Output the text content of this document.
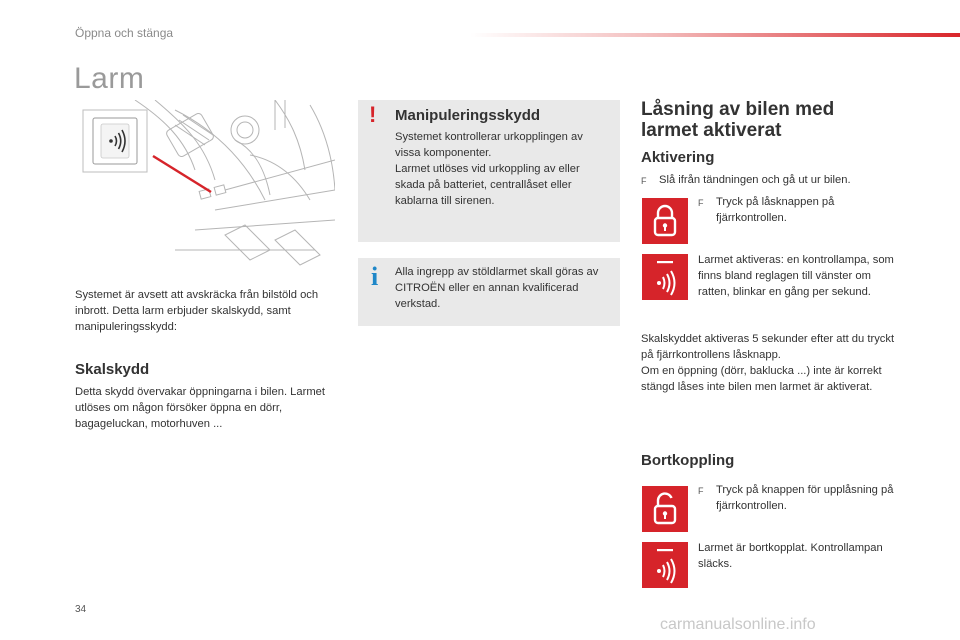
Öppna och stänga
Larm

Systemet är avsett att avskräcka från bilstöld och inbrott. Detta larm erbjuder skalskydd, samt manipuleringsskydd:

Skalskydd

Detta skydd övervakar öppningarna i bilen. Larmet utlöses om någon försöker öppna en dörr, bagageluckan, motorhuven ...

! Manipuleringsskydd

Systemet kontrollerar urkopplingen av vissa komponenter.

Larmet utlöses vid urkoppling av eller skada på batteriet, centrallåset eller kablarna till sirenen.

i Alla ingrepp av stöldlarmet skall göras av CITROËN eller en annan kvalificerad verkstad.

Låsning av bilen med larmet aktiverat
Aktivering
F	Slå ifrån tändningen och gå ut ur bilen.
F	Tryck på låsknappen på fjärrkontrollen.

Larmet aktiveras: en kontrollampa, som finns bland reglagen till vänster om ratten, blinkar en gång per sekund.

Skalskyddet aktiveras 5 sekunder efter att du tryckt på fjärrkontrollens låsknapp.

Om en öppning (dörr, baklucka ...) inte är korrekt stängd låses inte bilen men larmet är aktiverat.

Bortkoppling
F	Tryck på knappen för upplåsning på fjärrkontrollen.

Larmet är bortkopplat. Kontrollampan släcks.

34
carmanualsonline.info
